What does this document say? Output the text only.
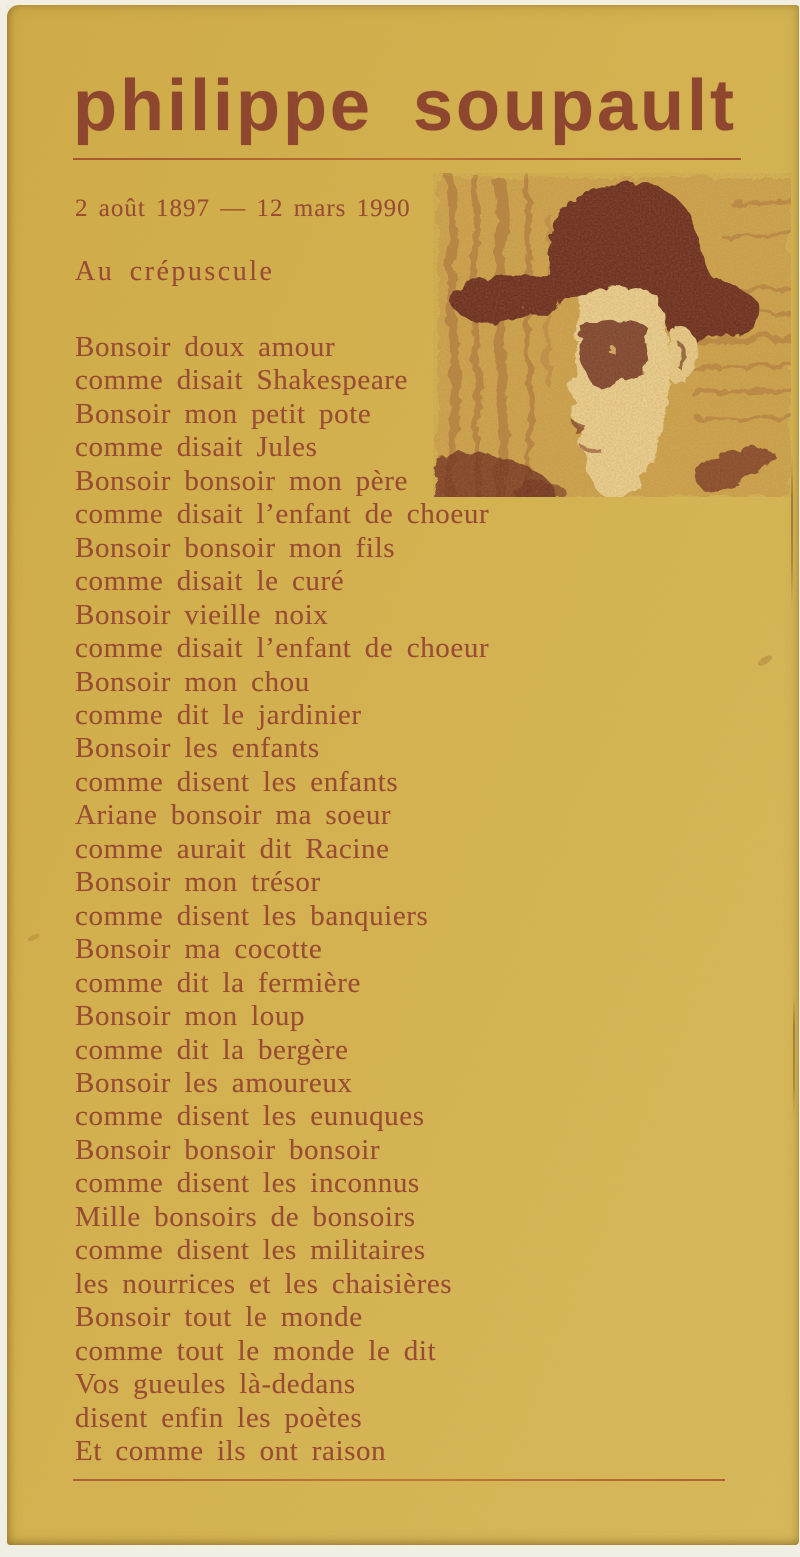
philippe soupault
2 août 1897 — 12 mars 1990
Au crépuscule
Bonsoir doux amour
comme disait Shakespeare
Bonsoir mon petit pote
comme disait Jules
Bonsoir bonsoir mon père
comme disait l’enfant de choeur
Bonsoir bonsoir mon fils
comme disait le curé
Bonsoir vieille noix
comme disait l’enfant de choeur
Bonsoir mon chou
comme dit le jardinier
Bonsoir les enfants
comme disent les enfants
Ariane bonsoir ma soeur
comme aurait dit Racine
Bonsoir mon trésor
comme disent les banquiers
Bonsoir ma cocotte
comme dit la fermière
Bonsoir mon loup
comme dit la bergère
Bonsoir les amoureux
comme disent les eunuques
Bonsoir bonsoir bonsoir
comme disent les inconnus
Mille bonsoirs de bonsoirs
comme disent les militaires
les nourrices et les chaisières
Bonsoir tout le monde
comme tout le monde le dit
Vos gueules là-dedans
disent enfin les poètes
Et comme ils ont raison
